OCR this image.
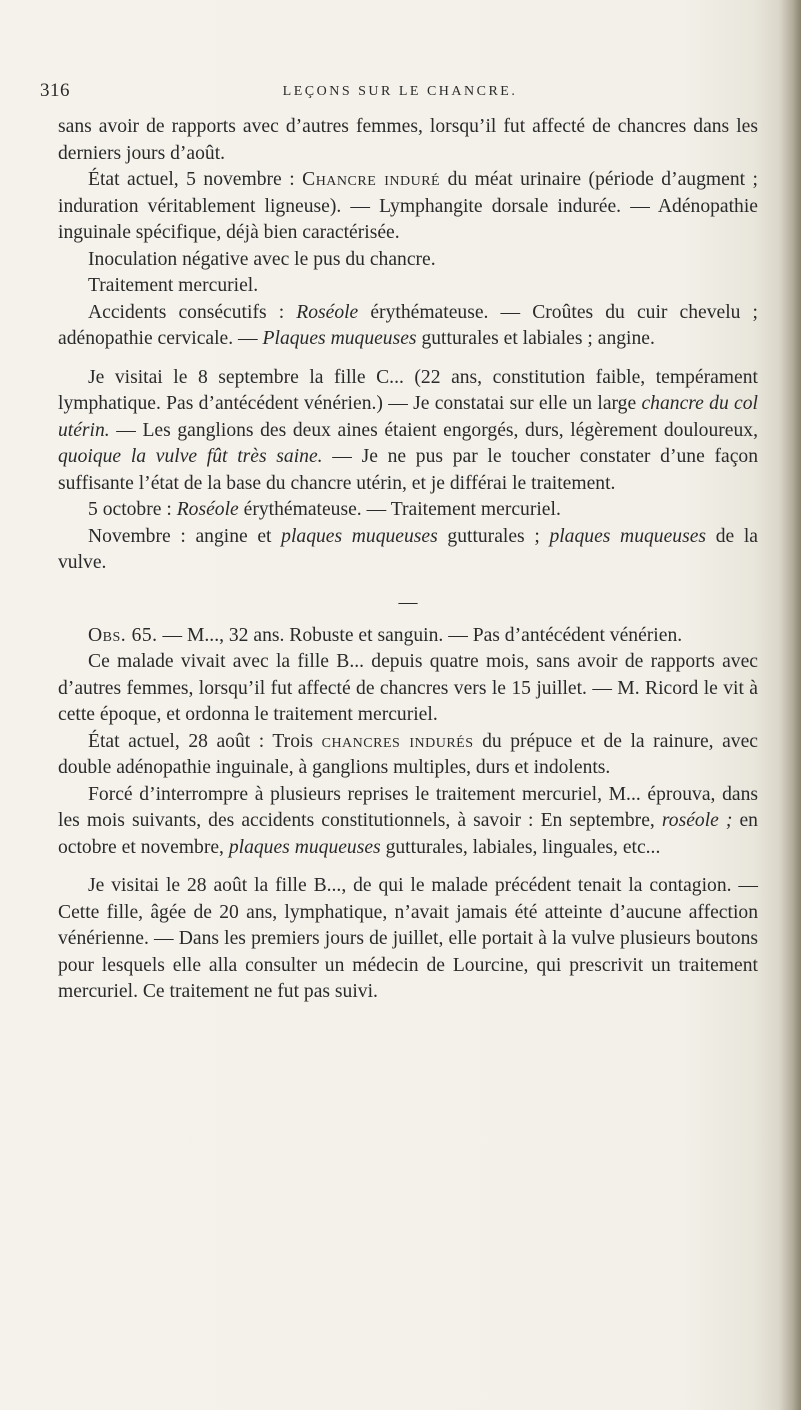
316	LEÇONS SUR LE CHANCRE.

sans avoir de rapports avec d’autres femmes, lorsqu’il fut affecté de chancres dans les derniers jours d’août.

État actuel, 5 novembre : Chancre induré du méat urinaire (période d’augment ; induration véritablement ligneuse). — Lymphangite dorsale indurée. — Adénopathie inguinale spécifique, déjà bien caractérisée.

Inoculation négative avec le pus du chancre.

Traitement mercuriel.

Accidents consécutifs : Roséole érythémateuse. — Croûtes du cuir chevelu ; adénopathie cervicale. — Plaques muqueuses gutturales et labiales ; angine.

Je visitai le 8 septembre la fille C... (22 ans, constitution faible, tempérament lymphatique. Pas d’antécédent vénérien.) — Je constatai sur elle un large chancre du col utérin. — Les ganglions des deux aines étaient engorgés, durs, légèrement douloureux, quoique la vulve fût très saine. — Je ne pus par le toucher constater d’une façon suffisante l’état de la base du chancre utérin, et je différai le traitement.

5 octobre : Roséole érythémateuse. — Traitement mercuriel.

Novembre : angine et plaques muqueuses gutturales ; plaques muqueuses de la vulve.

—

Obs. 65. — M..., 32 ans. Robuste et sanguin. — Pas d’antécédent vénérien.

Ce malade vivait avec la fille B... depuis quatre mois, sans avoir de rapports avec d’autres femmes, lorsqu’il fut affecté de chancres vers le 15 juillet. — M. Ricord le vit à cette époque, et ordonna le traitement mercuriel.

État actuel, 28 août : Trois chancres indurés du prépuce et de la rainure, avec double adénopathie inguinale, à ganglions multiples, durs et indolents.

Forcé d’interrompre à plusieurs reprises le traitement mercuriel, M... éprouva, dans les mois suivants, des accidents constitutionnels, à savoir : En septembre, roséole ; en octobre et novembre, plaques muqueuses gutturales, labiales, linguales, etc...

Je visitai le 28 août la fille B..., de qui le malade précédent tenait la contagion. — Cette fille, âgée de 20 ans, lymphatique, n’avait jamais été atteinte d’aucune affection vénérienne. — Dans les premiers jours de juillet, elle portait à la vulve plusieurs boutons pour lesquels elle alla consulter un médecin de Lourcine, qui prescrivit un traitement mercuriel. Ce traitement ne fut pas suivi.
